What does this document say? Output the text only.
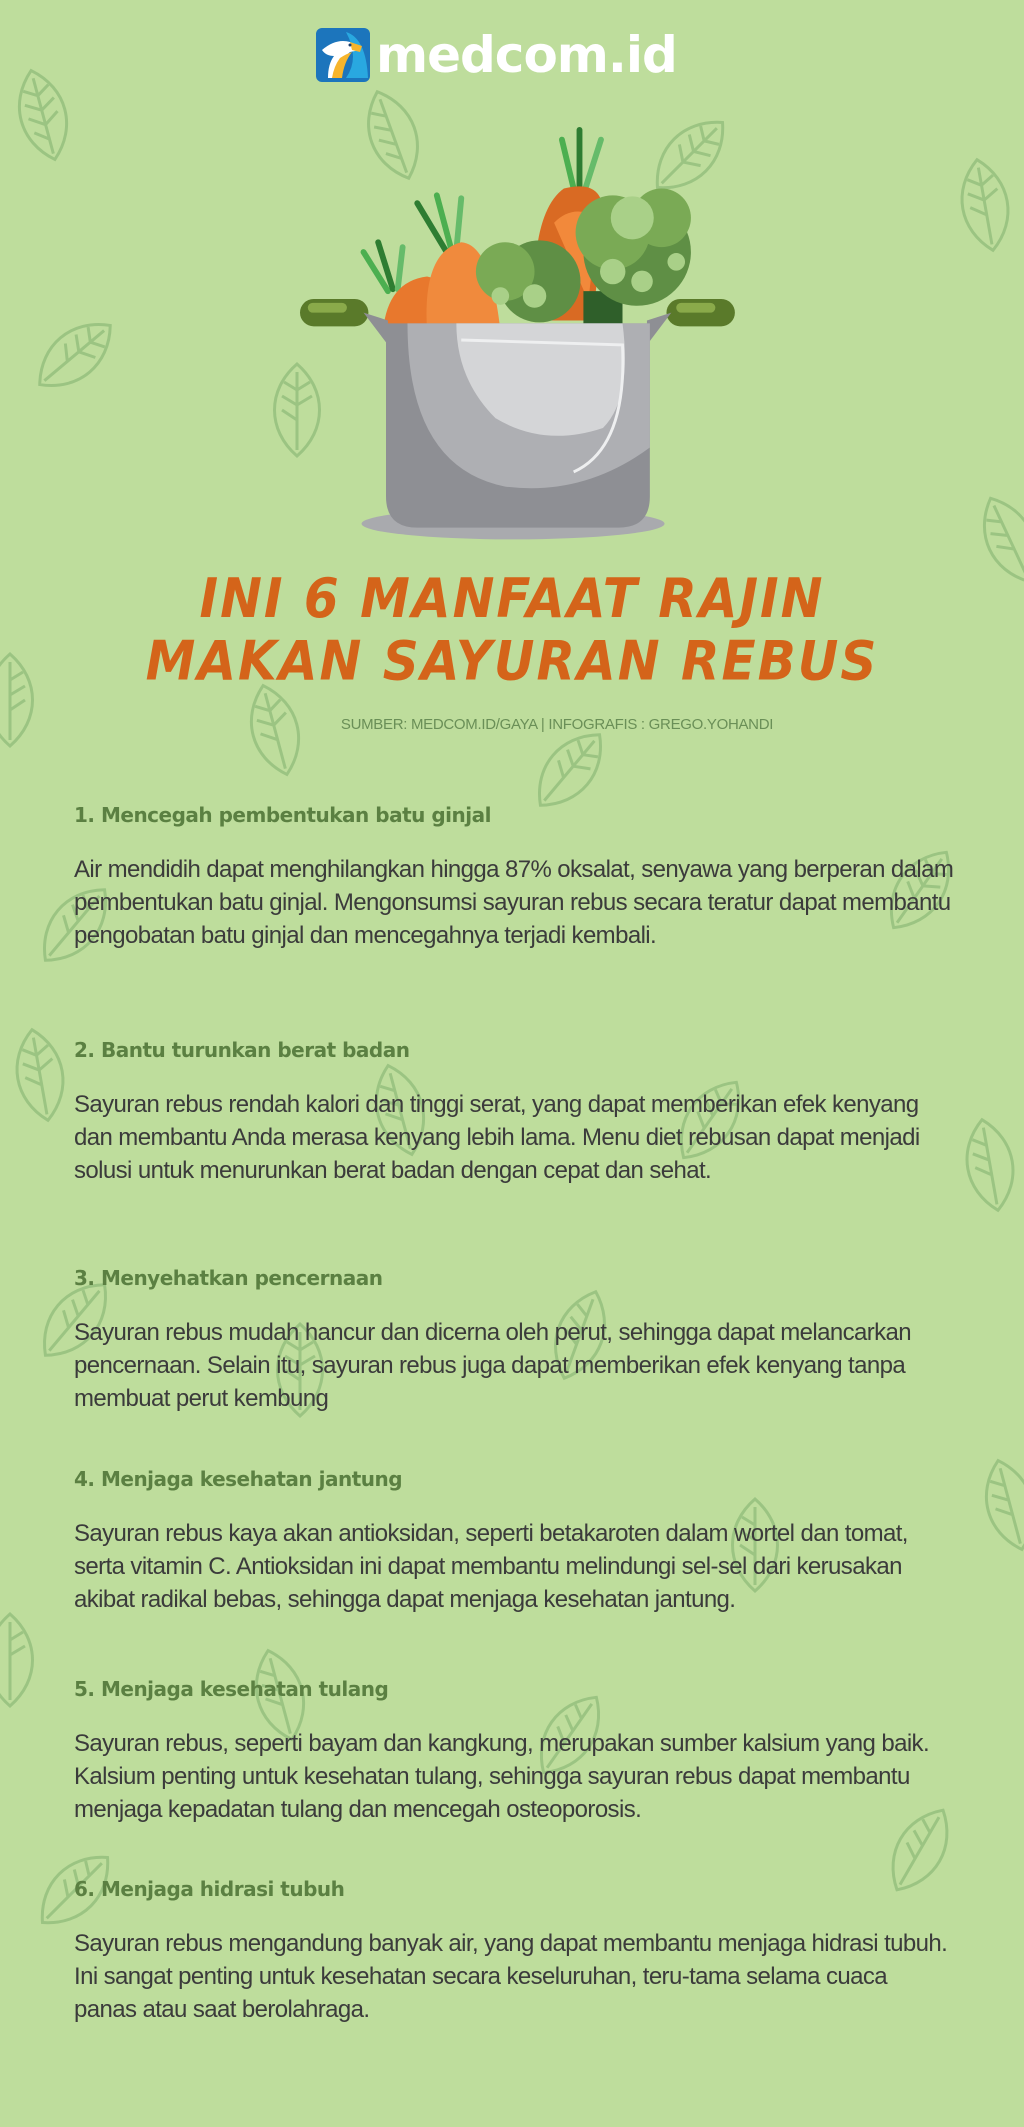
medcom.id
INI 6 MANFAAT RAJIN
MAKAN SAYURAN REBUS
SUMBER: MEDCOM.ID/GAYA | INFOGRAFIS : GREGO.YOHANDI
1. Mencegah pembentukan batu ginjal

Air mendidih dapat menghilangkan hingga 87% oksalat, senyawa yang berperan dalam pembentukan batu ginjal. Mengonsumsi sayuran rebus secara teratur dapat membantu pengobatan batu ginjal dan mencegahnya terjadi kembali.

2. Bantu turunkan berat badan

Sayuran rebus rendah kalori dan tinggi serat, yang dapat memberikan efek kenyang dan membantu Anda merasa kenyang lebih lama. Menu diet rebusan dapat menjadi solusi untuk menurunkan berat badan dengan cepat dan sehat.

3. Menyehatkan pencernaan

Sayuran rebus mudah hancur dan dicerna oleh perut, sehingga dapat melancarkan pencernaan. Selain itu, sayuran rebus juga dapat memberikan efek kenyang tanpa membuat perut kembung

4. Menjaga kesehatan jantung

Sayuran rebus kaya akan antioksidan, seperti betakaroten dalam wortel dan tomat, serta vitamin C. Antioksidan ini dapat membantu melindungi sel-sel dari kerusakan akibat radikal bebas, sehingga dapat menjaga kesehatan jantung.

5. Menjaga kesehatan tulang

Sayuran rebus, seperti bayam dan kangkung, merupakan sumber kalsium yang baik. Kalsium penting untuk kesehatan tulang, sehingga sayuran rebus dapat membantu menjaga kepadatan tulang dan mencegah osteoporosis.

6. Menjaga hidrasi tubuh

Sayuran rebus mengandung banyak air, yang dapat membantu menjaga hidrasi tubuh. Ini sangat penting untuk kesehatan secara keseluruhan, teru-tama selama cuaca panas atau saat berolahraga.
